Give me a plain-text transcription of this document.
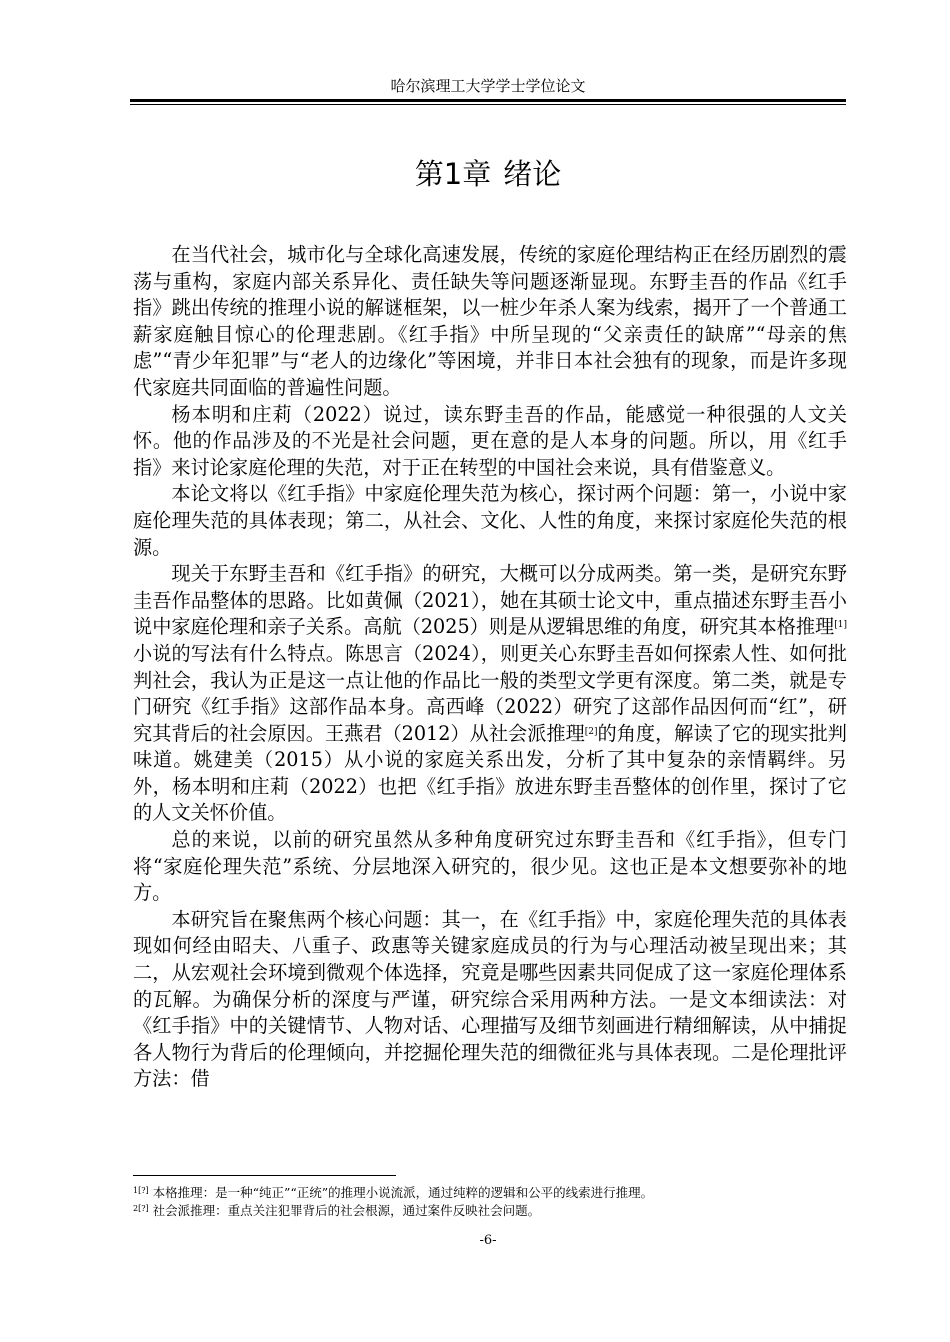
哈尔滨理工大学学士学位论文
第1章 绪论

在当代社会，城市化与全球化高速发展，传统的家庭伦理结构正在经历剧烈的震荡与重构，家庭内部关系异化、责任缺失等问题逐渐显现。东野圭吾的作品《红手指》跳出传统的推理小说的解谜框架，以一桩少年杀人案为线索，揭开了一个普通工薪家庭触目惊心的伦理悲剧。《红手指》中所呈现的“父亲责任的缺席”“母亲的焦虑”“青少年犯罪”与“老人的边缘化”等困境，并非日本社会独有的现象，而是许多现代家庭共同面临的普遍性问题。

杨本明和庄莉（2022）说过，读东野圭吾的作品，能感觉一种很强的人文关怀。他的作品涉及的不光是社会问题，更在意的是人本身的问题。所以，用《红手指》来讨论家庭伦理的失范，对于正在转型的中国社会来说，具有借鉴意义。

本论文将以《红手指》中家庭伦理失范为核心，探讨两个问题：第一，小说中家庭伦理失范的具体表现；第二，从社会、文化、人性的角度，来探讨家庭伦失范的根源。

现关于东野圭吾和《红手指》的研究，大概可以分成两类。第一类，是研究东野圭吾作品整体的思路。比如黄佩（2021），她在其硕士论文中，重点描述东野圭吾小说中家庭伦理和亲子关系。高航（2025）则是从逻辑思维的角度，研究其本格推理[1]小说的写法有什么特点。陈思言（2024），则更关心东野圭吾如何探索人性、如何批判社会，我认为正是这一点让他的作品比一般的类型文学更有深度。第二类，就是专门研究《红手指》这部作品本身。高西峰（2022）研究了这部作品因何而“红”，研究其背后的社会原因。王燕君（2012）从社会派推理[2]的角度，解读了它的现实批判味道。姚建美（2015）从小说的家庭关系出发，分析了其中复杂的亲情羁绊。另外，杨本明和庄莉（2022）也把《红手指》放进东野圭吾整体的创作里，探讨了它的人文关怀价值。

总的来说，以前的研究虽然从多种角度研究过东野圭吾和《红手指》，但专门将“家庭伦理失范”系统、分层地深入研究的，很少见。这也正是本文想要弥补的地方。

本研究旨在聚焦两个核心问题：其一，在《红手指》中，家庭伦理失范的具体表现如何经由昭夫、八重子、政惠等关键家庭成员的行为与心理活动被呈现出来；其二，从宏观社会环境到微观个体选择，究竟是哪些因素共同促成了这一家庭伦理体系的瓦解。为确保分析的深度与严谨，研究综合采用两种方法。一是文本细读法：对《红手指》中的关键情节、人物对话、心理描写及细节刻画进行精细解读，从中捕捉各人物行为背后的伦理倾向，并挖掘伦理失范的细微征兆与具体表现。二是伦理批评方法：借

$^{1[?]}$ 本格推理：是一种“纯正”“正统”的推理小说流派，通过纯粹的逻辑和公平的线索进行推理。
$^{2[?]}$ 社会派推理：重点关注犯罪背后的社会根源，通过案件反映社会问题。
-6-
